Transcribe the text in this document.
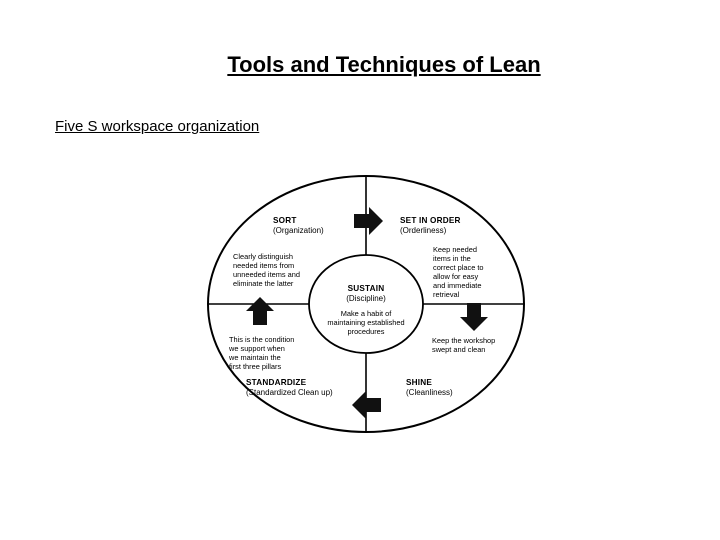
Tools and Techniques of Lean
Five S workspace organization
SORT
(Organization)
Clearly distinguish
needed items from
unneeded items and
eliminate the latter
SET IN ORDER
(Orderliness)
Keep needed
items in the
correct place to
allow for easy
and immediate
retrieval
SUSTAIN
(Discipline)
Make a habit of
maintaining established
procedures
This is the condition
we support when
we maintain the
first three pillars
STANDARDIZE
(Standardized Clean up)
Keep the workshop
swept and clean
SHINE
(Cleanliness)
